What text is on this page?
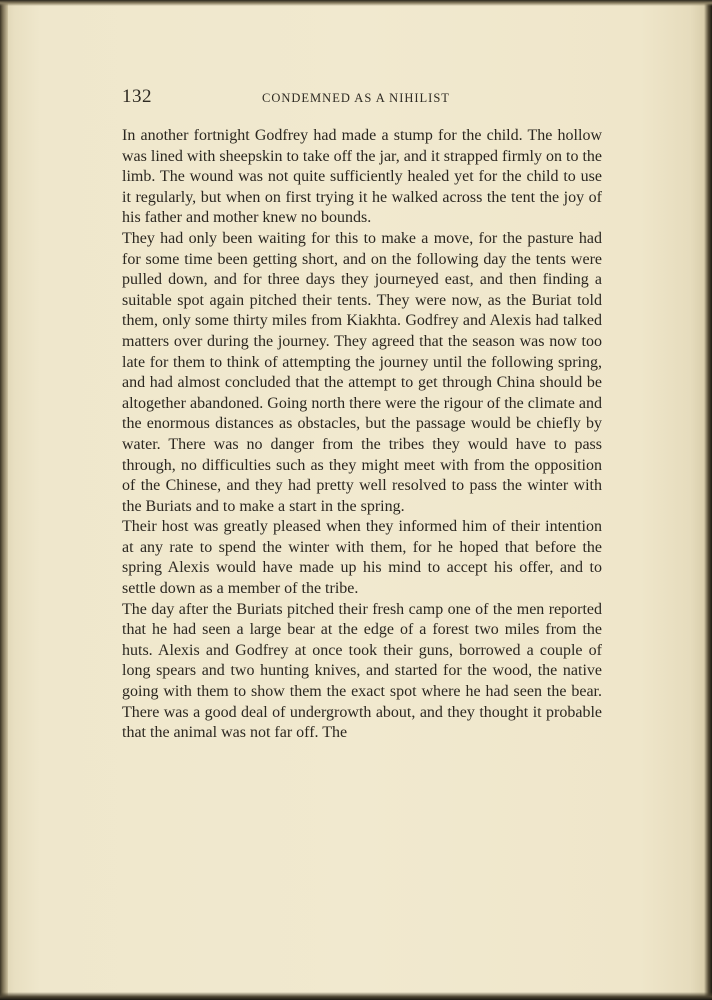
132	CONDEMNED AS A NIHILIST

In another fortnight Godfrey had made a stump for the child. The hollow was lined with sheepskin to take off the jar, and it strapped firmly on to the limb. The wound was not quite sufficiently healed yet for the child to use it regularly, but when on first trying it he walked across the tent the joy of his father and mother knew no bounds.

They had only been waiting for this to make a move, for the pasture had for some time been getting short, and on the following day the tents were pulled down, and for three days they journeyed east, and then finding a suitable spot again pitched their tents. They were now, as the Buriat told them, only some thirty miles from Kiakhta. Godfrey and Alexis had talked matters over during the journey. They agreed that the season was now too late for them to think of attempting the journey until the following spring, and had almost concluded that the attempt to get through China should be altogether abandoned. Going north there were the rigour of the climate and the enormous distances as obstacles, but the passage would be chiefly by water. There was no danger from the tribes they would have to pass through, no difficulties such as they might meet with from the opposition of the Chinese, and they had pretty well resolved to pass the winter with the Buriats and to make a start in the spring.

Their host was greatly pleased when they informed him of their intention at any rate to spend the winter with them, for he hoped that before the spring Alexis would have made up his mind to accept his offer, and to settle down as a member of the tribe.

The day after the Buriats pitched their fresh camp one of the men reported that he had seen a large bear at the edge of a forest two miles from the huts. Alexis and Godfrey at once took their guns, borrowed a couple of long spears and two hunting knives, and started for the wood, the native going with them to show them the exact spot where he had seen the bear. There was a good deal of undergrowth about, and they thought it probable that the animal was not far off. The
